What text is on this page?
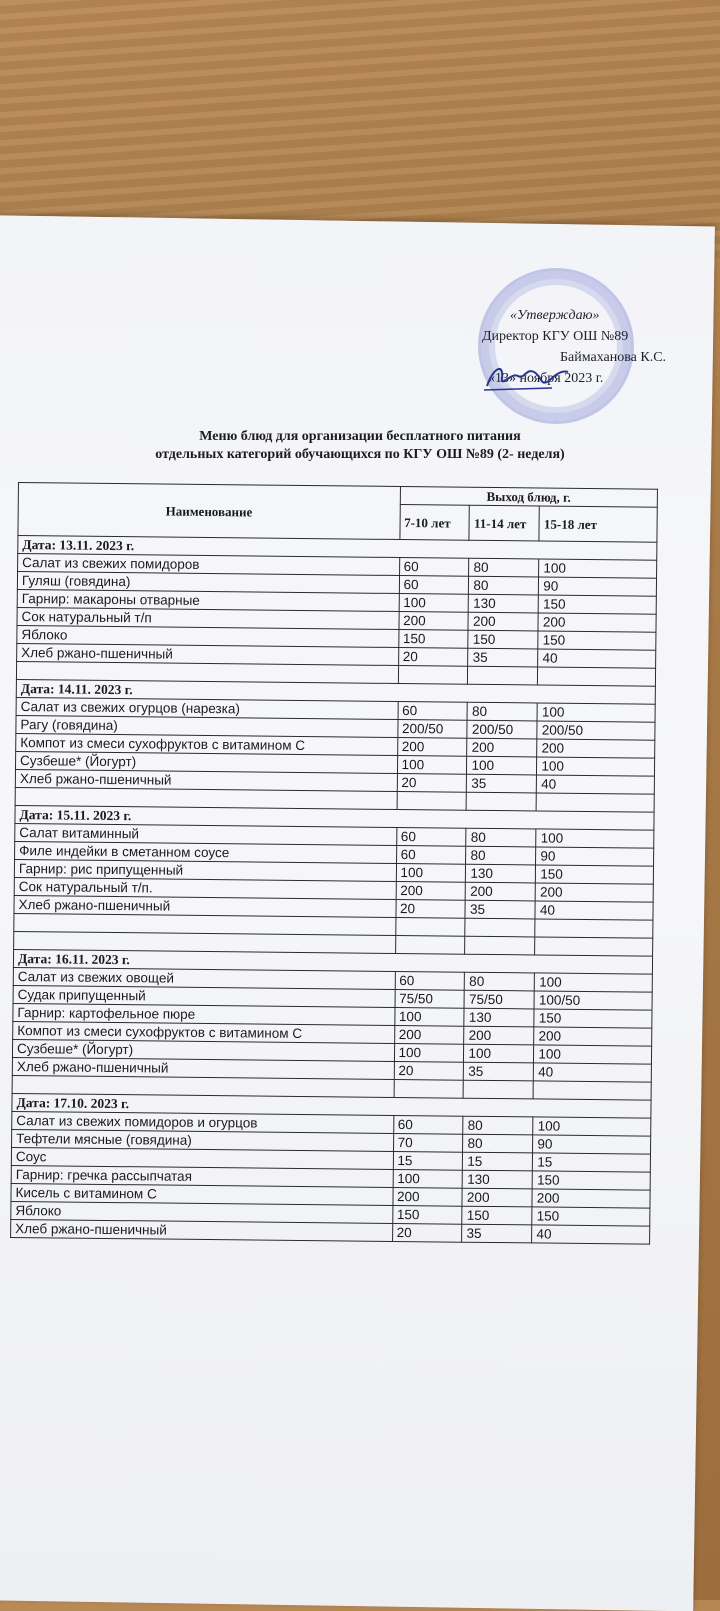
«Утверждаю»
Директор КГУ ОШ №89
Баймаханова К.С.
«13» ноября 2023 г.
Меню блюд для организации бесплатного питания
отдельных категорий обучающихся по КГУ ОШ №89 (2- неделя)
Наименование	Выход блюд, г.		
	7-10 лет	11-14 лет	15-18 лет
Дата: 13.11. 2023 г.			
Салат из свежих помидоров	60	80	100
Гуляш (говядина)	60	80	90
Гарнир: макароны отварные	100	130	150
Сок натуральный т/п	200	200	200
Яблоко	150	150	150
Хлеб ржано-пшеничный	20	35	40

Дата: 14.11. 2023 г.			
Салат из свежих огурцов (нарезка)	60	80	100
Рагу (говядина)	200/50	200/50	200/50
Компот из смеси сухофруктов с витамином С	200	200	200
Сузбеше* (Йогурт)	100	100	100
Хлеб ржано-пшеничный	20	35	40

Дата: 15.11. 2023 г.			
Салат витаминный	60	80	100
Филе индейки в сметанном соусе	60	80	90
Гарнир: рис припущенный	100	130	150
Сок натуральный т/п.	200	200	200
Хлеб ржано-пшеничный	20	35	40

Дата: 16.11. 2023 г.			
Салат из свежих овощей	60	80	100
Судак припущенный	75/50	75/50	100/50
Гарнир: картофельное пюре	100	130	150
Компот из смеси сухофруктов с витамином С	200	200	200
Сузбеше* (Йогурт)	100	100	100
Хлеб ржано-пшеничный	20	35	40

Дата: 17.10. 2023 г.			
Салат из свежих помидоров и огурцов	60	80	100
Тефтели мясные (говядина)	70	80	90
Соус	15	15	15
Гарнир: гречка рассыпчатая	100	130	150
Кисель с витамином С	200	200	200
Яблоко	150	150	150
Хлеб ржано-пшеничный	20	35	40
